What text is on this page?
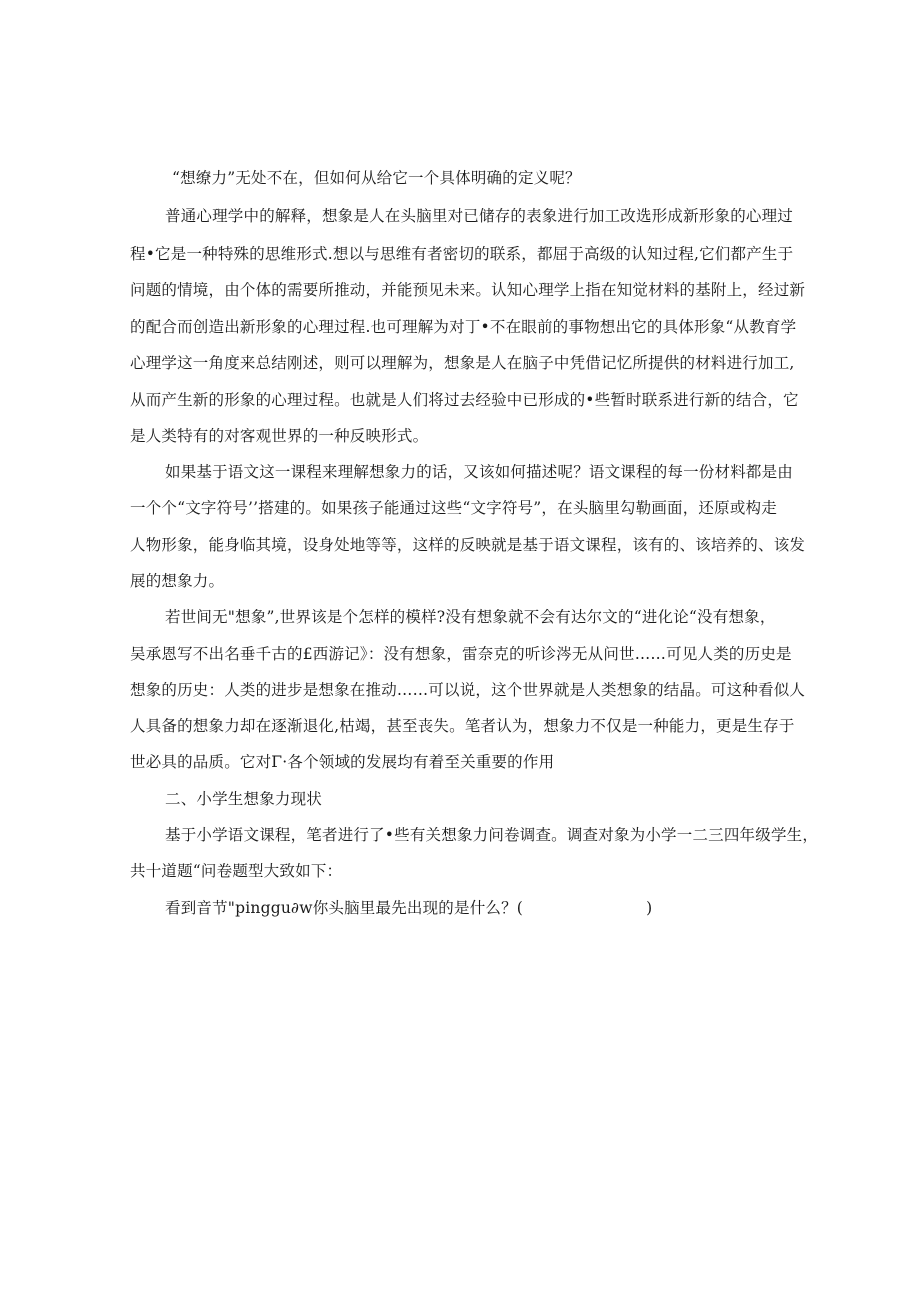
“想缭力”无处不在，但如何从给它一个具体明确的定义呢？
普通心理学中的解释，想象是人在头脑里对已储存的表象进行加工改选形成新形象的心理过
程•它是一种特殊的思维形式.想以与思维有者密切的联系，都屈于高级的认知过程,它们都产生于
问题的情境，由个体的需要所推动，并能预见未来。认知心理学上指在知觉材料的基附上，经过新
的配合而创造出新形象的心理过程.也可理解为对丁•不在眼前的事物想出它的具体形象“从教育学
心理学这一角度来总结刚述，则可以理解为，想象是人在脑子中凭借记忆所提供的材料进行加工,
从而产生新的形象的心理过程。也就是人们将过去经验中已形成的•些暂时联系进行新的结合，它
是人类特有的对客观世界的一种反映形式。
如果基于语文这一课程来理解想象力的话，又该如何描述呢？语文课程的每一份材料都是由
一个个“文字符号’’搭建的。如果孩子能通过这些“文字符号”，在头脑里勾勒画面，还原或构走
人物形象，能身临其境，设身处地等等，这样的反映就是基于语文课程，该有的、该培养的、该发
展的想象力。
若世间无"想象”,世界该是个怎样的模样?没有想象就不会有达尔文的“进化论“没有想象，
吴承恩写不出名垂千古的£西游记》：没有想象，雷奈克的听诊涔无从问世……可见人类的历史是
想象的历史：人类的进步是想象在推动……可以说，这个世界就是人类想象的结晶。可这种看似人
人具备的想象力却在逐渐退化,枯竭，甚至丧失。笔者认为，想象力不仅是一种能力，更是生存于
世必具的品质。它对Γ·各个领域的发展均有着至关重要的作用
二、小学生想象力现状
基于小学语文课程，笔者进行了•些有关想象力问卷调查。调查对象为小学一二三四年级学生，
共十道题“问卷题型大致如下：
看到音节"pinggu∂w你头脑里最先出现的是什么？(                        )
